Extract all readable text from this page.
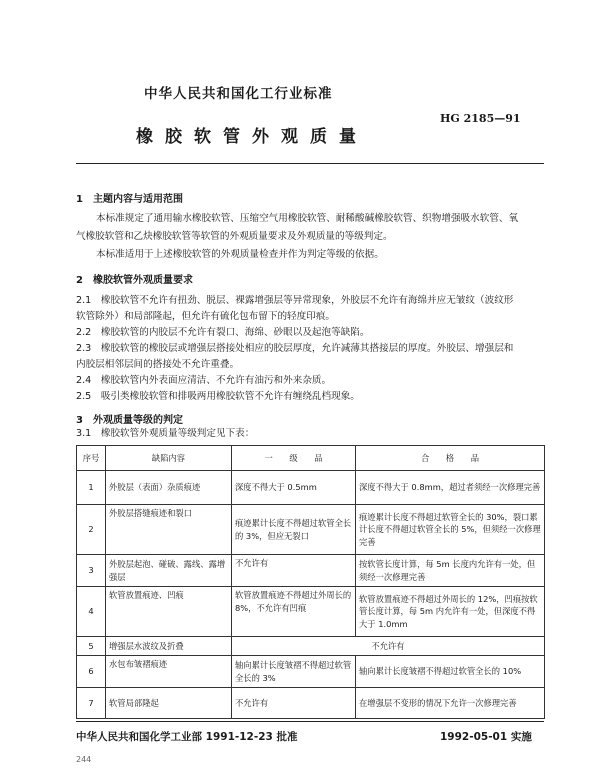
中华人民共和国化工行业标准
橡胶软管外观质量
HG 2185—91
1　主题内容与适用范围
本标准规定了通用输水橡胶软管、压缩空气用橡胶软管、耐稀酸碱橡胶软管、织物增强吸水软管、氧
气橡胶软管和乙炔橡胶软管等软管的外观质量要求及外观质量的等级判定。
本标准适用于上述橡胶软管的外观质量检查并作为判定等级的依据。
2　橡胶软管外观质量要求
2.1　橡胶软管不允许有扭劲、脱层、裸露增强层等异常现象，外胶层不允许有海绵并应无皱纹（波纹形
软管除外）和局部隆起，但允许有硫化包布留下的轻度印痕。
2.2　橡胶软管的内胶层不允许有裂口、海绵、砂眼以及起泡等缺陷。
2.3　橡胶软管的橡胶层或增强层搭接处相应的胶层厚度，允许减薄其搭接层的厚度。外胶层、增强层和
内胶层相邻层间的搭接处不允许重叠。
2.4　橡胶软管内外表面应清洁、不允许有油污和外来杂质。
2.5　吸引类橡胶软管和排吸两用橡胶软管不允许有缠绕乱档现象。
3　外观质量等级的判定
3.1　橡胶软管外观质量等级判定见下表：
序号	缺陷内容	一　　级　　品	合　　格　　品
1	外胶层（表面）杂质痕迹	深度不得大于 0.5mm	深度不得大于 0.8mm，超过者须经一次修理完善
2	外胶层搭缝痕迹和裂口	痕迹累计长度不得超过软管全长的 3%，但应无裂口	痕迹累计长度不得超过软管全长的 30%，裂口累计长度不得超过软管全长的 5%，但须经一次修理完善
3	外胶层起泡、碰破、露线、露增强层	不允许有	按软管长度计算，每 5m 长度内允许有一处，但须经一次修理完善
4	软管放置痕迹、凹痕	软管放置痕迹不得超过外周长的 8%，不允许有凹痕	软管放置痕迹不得超过外周长的 12%，凹痕按软管长度计算，每 5m 内允许有一处，但深度不得大于 1.0mm
5	增强层水波纹及折叠	不允许有	
6	水包布皱褶痕迹	轴向累计长度皱褶不得超过软管全长的 3%	轴向累计长度皱褶不得超过软管全长的 10%
7	软管局部隆起	不允许有	在增强层不变形的情况下允许一次修理完善
中华人民共和国化学工业部 1991-12-23 批准	1992-05-01 实施
244
